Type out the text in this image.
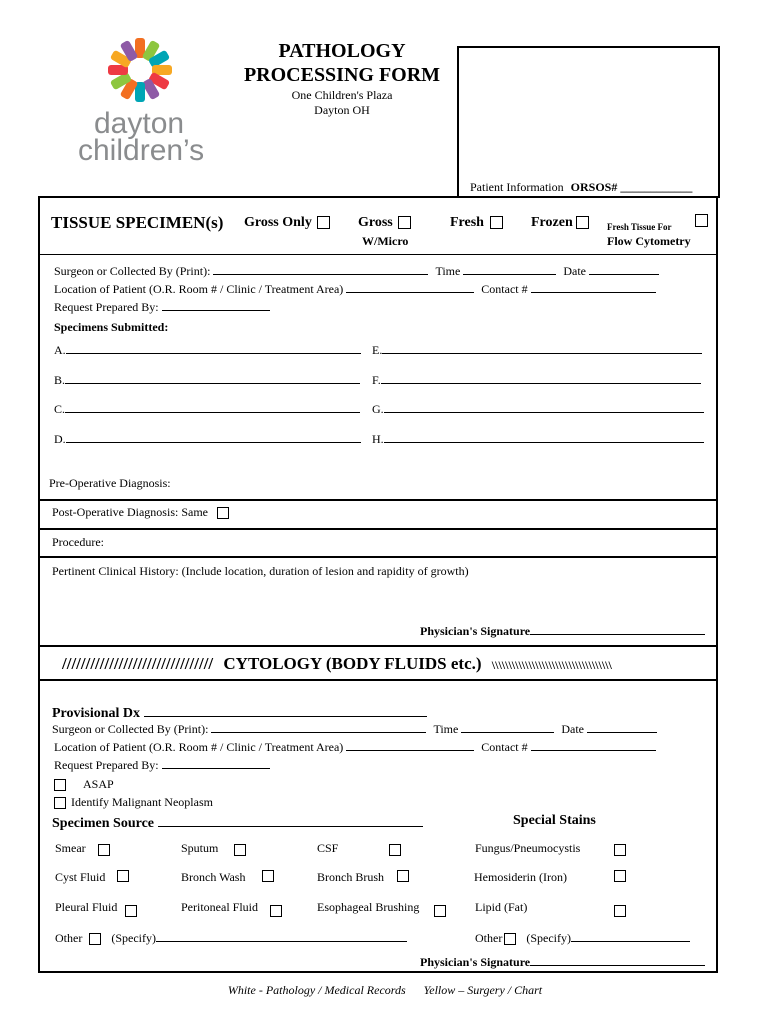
dayton
children’s
PATHOLOGY
PROCESSING FORM
One Children's Plaza
Dayton OH
Patient Information ORSOS# ____________
TISSUE SPECIMEN(s) Gross Only	Gross
W/Micro
Fresh	Frozen	Fresh Tissue For
Flow Cytometry
Surgeon or Collected By (Print):	Time	Date
Location of Patient (O.R. Room # / Clinic / Treatment Area)	Contact #
Request Prepared By:
Specimens Submitted:
A.
B.
C.
D.
E.
F.
G.
H.
Pre-Operative Diagnosis:
Post-Operative Diagnosis: Same
Procedure:
Pertinent Clinical History: (Include location, duration of lesion and rapidity of growth)
Physician's Signature
//////////////////////////////// CYTOLOGY (BODY FLUIDS etc.) \\\\\\\\\\\\\\\\\\\\\\\\\\\\\\\\\\\\
Provisional Dx
Surgeon or Collected By (Print):	Time	Date
Location of Patient (O.R. Room # / Clinic / Treatment Area)	Contact #
Request Prepared By:
ASAP
Identify Malignant Neoplasm
Specimen Source	Special Stains
Smear	Sputum	CSF	Fungus/Pneumocystis
Cyst Fluid	Bronch Wash	Bronch Brush	Hemosiderin (Iron)
Pleural Fluid	Peritoneal Fluid	Esophageal Brushing	Lipid (Fat)
Other (Specify)	Other (Specify)
Physician's Signature
White - Pathology / Medical Records      Yellow – Surgery / Chart
